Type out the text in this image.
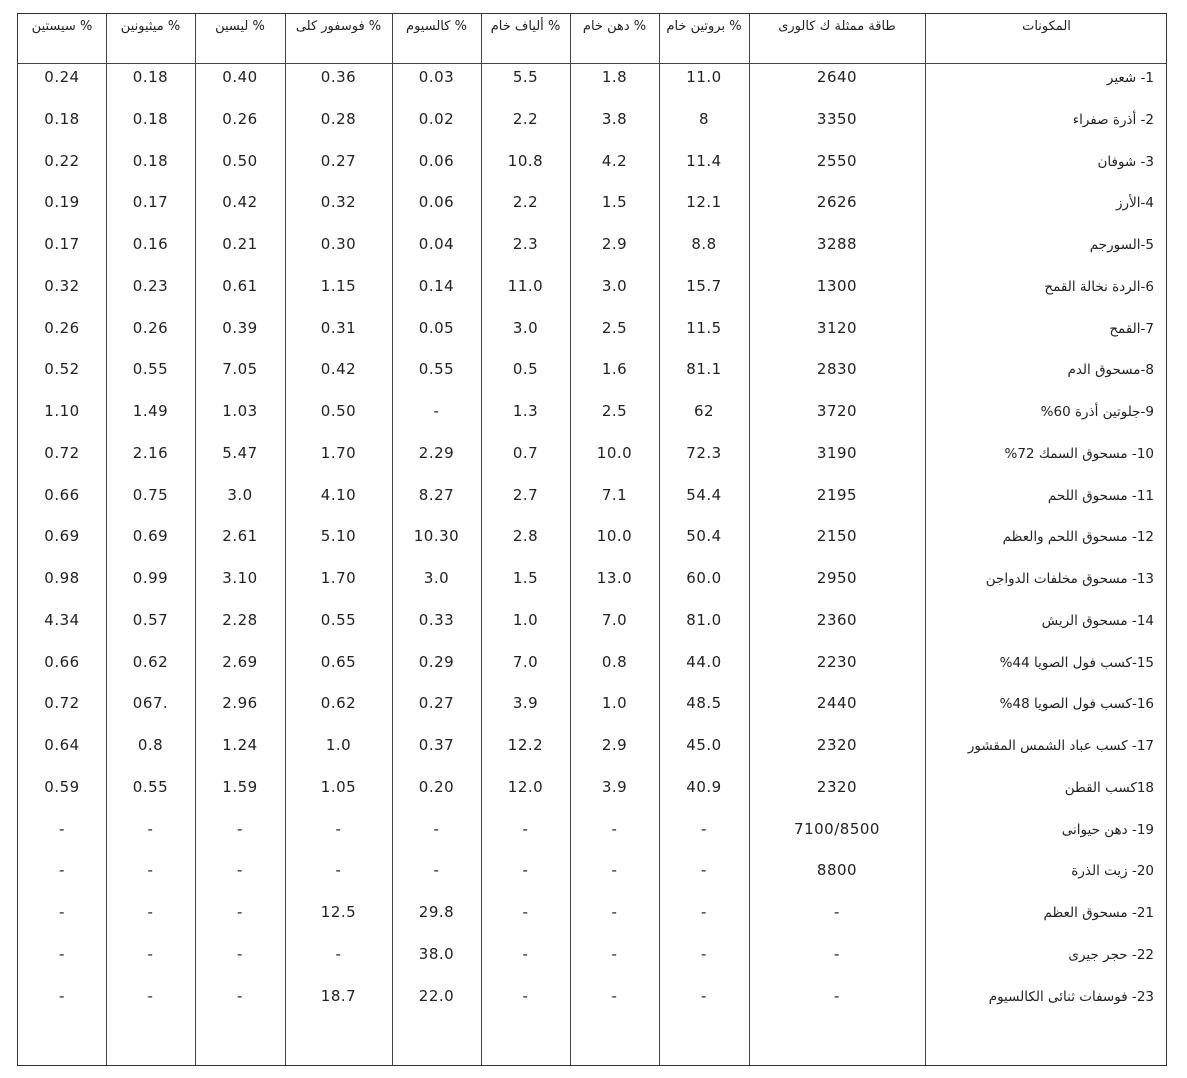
المكونات
طاقة ممثلة ك كالورى
بروتين خام %
دهن خام %
ألياف خام %
كالسيوم %
فوسفور كلى %
ليسين %
ميثيونين %
سيستين %
1- شعير
2640
11.0
1.8
5.5
0.03
0.36
0.40
0.18
0.24
2- أذرة صفراء
3350
8
3.8
2.2
0.02
0.28
0.26
0.18
0.18
3- شوفان
2550
11.4
4.2
10.8
0.06
0.27
0.50
0.18
0.22
4-الأرز
2626
12.1
1.5
2.2
0.06
0.32
0.42
0.17
0.19
5-السورجم
3288
8.8
2.9
2.3
0.04
0.30
0.21
0.16
0.17
6-الردة نخالة القمح
1300
15.7
3.0
11.0
0.14
1.15
0.61
0.23
0.32
7-القمح
3120
11.5
2.5
3.0
0.05
0.31
0.39
0.26
0.26
8-مسحوق الدم
2830
81.1
1.6
0.5
0.55
0.42
7.05
0.55
0.52
9-جلوتين أذرة 60%
3720
62
2.5
1.3
-
0.50
1.03
1.49
1.10
10- مسحوق السمك 72%
3190
72.3
10.0
0.7
2.29
1.70
5.47
2.16
0.72
11- مسحوق اللحم
2195
54.4
7.1
2.7
8.27
4.10
3.0
0.75
0.66
12- مسحوق اللحم والعظم
2150
50.4
10.0
2.8
10.30
5.10
2.61
0.69
0.69
13- مسحوق مخلفات الدواجن
2950
60.0
13.0
1.5
3.0
1.70
3.10
0.99
0.98
14- مسحوق الريش
2360
81.0
7.0
1.0
0.33
0.55
2.28
0.57
4.34
15-كسب فول الصويا 44%
2230
44.0
0.8
7.0
0.29
0.65
2.69
0.62
0.66
16-كسب فول الصويا 48%
2440
48.5
1.0
3.9
0.27
0.62
2.96
067.
0.72
17- كسب عباد الشمس المقشور
2320
45.0
2.9
12.2
0.37
1.0
1.24
0.8
0.64
18كسب القطن
2320
40.9
3.9
12.0
0.20
1.05
1.59
0.55
0.59
19- دهن حيوانى
7100/8500
-
-
-
-
-
-
-
-
20- زيت الذرة
8800
-
-
-
-
-
-
-
-
21- مسحوق العظم
-
-
-
-
29.8
12.5
-
-
-
22- حجر جيرى
-
-
-
-
38.0
-
-
-
-
23- فوسفات ثنائى الكالسيوم
-
-
-
-
22.0
18.7
-
-
-
